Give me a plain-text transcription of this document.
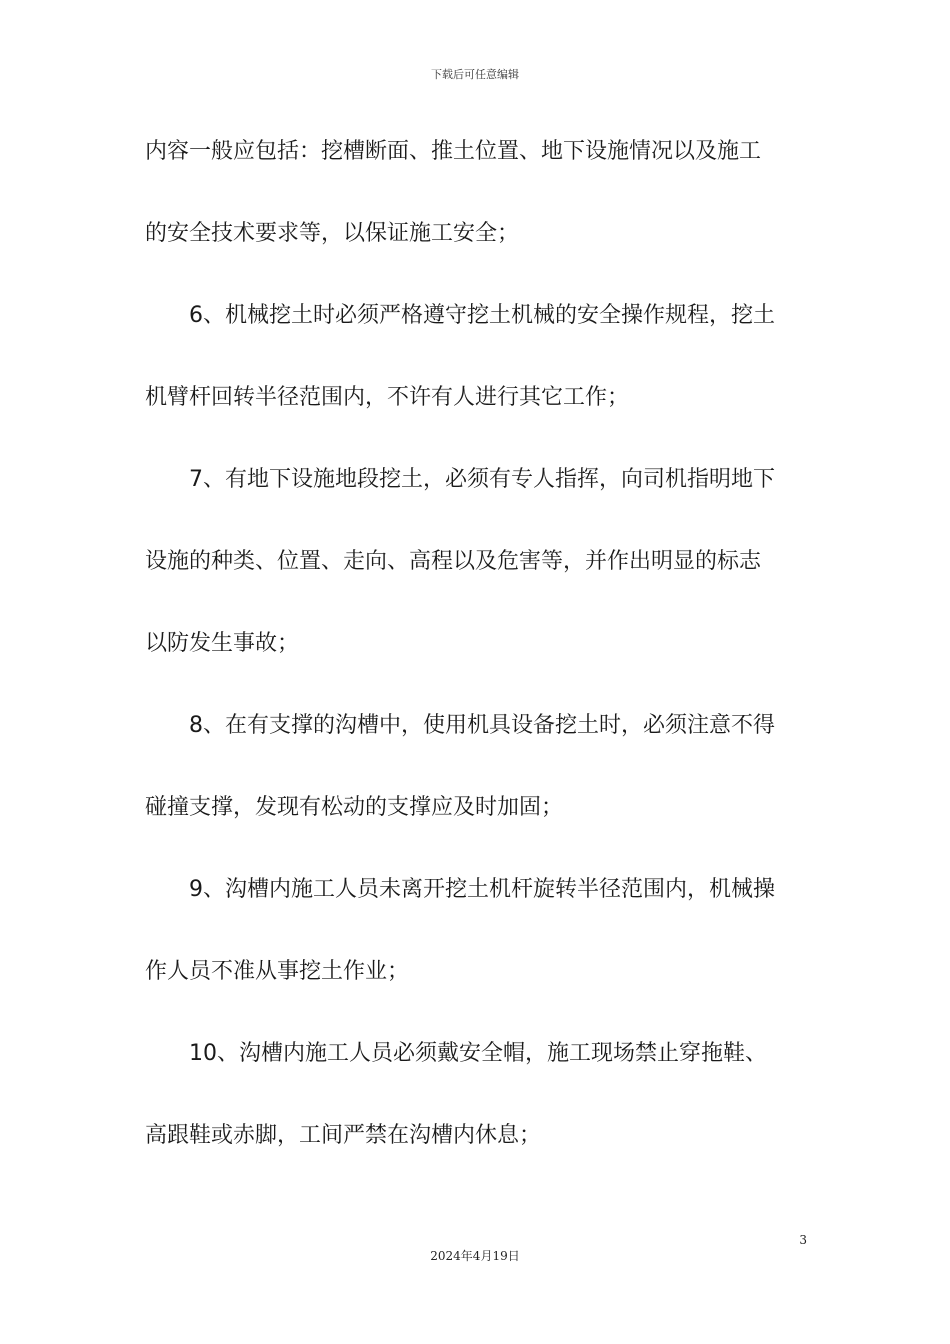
下载后可任意编辑
内容一般应包括：挖槽断面、推土位置、地下设施情况以及施工
的安全技术要求等，以保证施工安全；
6、机械挖土时必须严格遵守挖土机械的安全操作规程，挖土
机臂杆回转半径范围内，不许有人进行其它工作；
7、有地下设施地段挖土，必须有专人指挥，向司机指明地下
设施的种类、位置、走向、高程以及危害等，并作出明显的标志
以防发生事故；
8、在有支撑的沟槽中，使用机具设备挖土时，必须注意不得
碰撞支撑，发现有松动的支撑应及时加固；
9、沟槽内施工人员未离开挖土机杆旋转半径范围内，机械操
作人员不准从事挖土作业；
10、沟槽内施工人员必须戴安全帽，施工现场禁止穿拖鞋、
高跟鞋或赤脚，工间严禁在沟槽内休息；
3
2024年4月19日
